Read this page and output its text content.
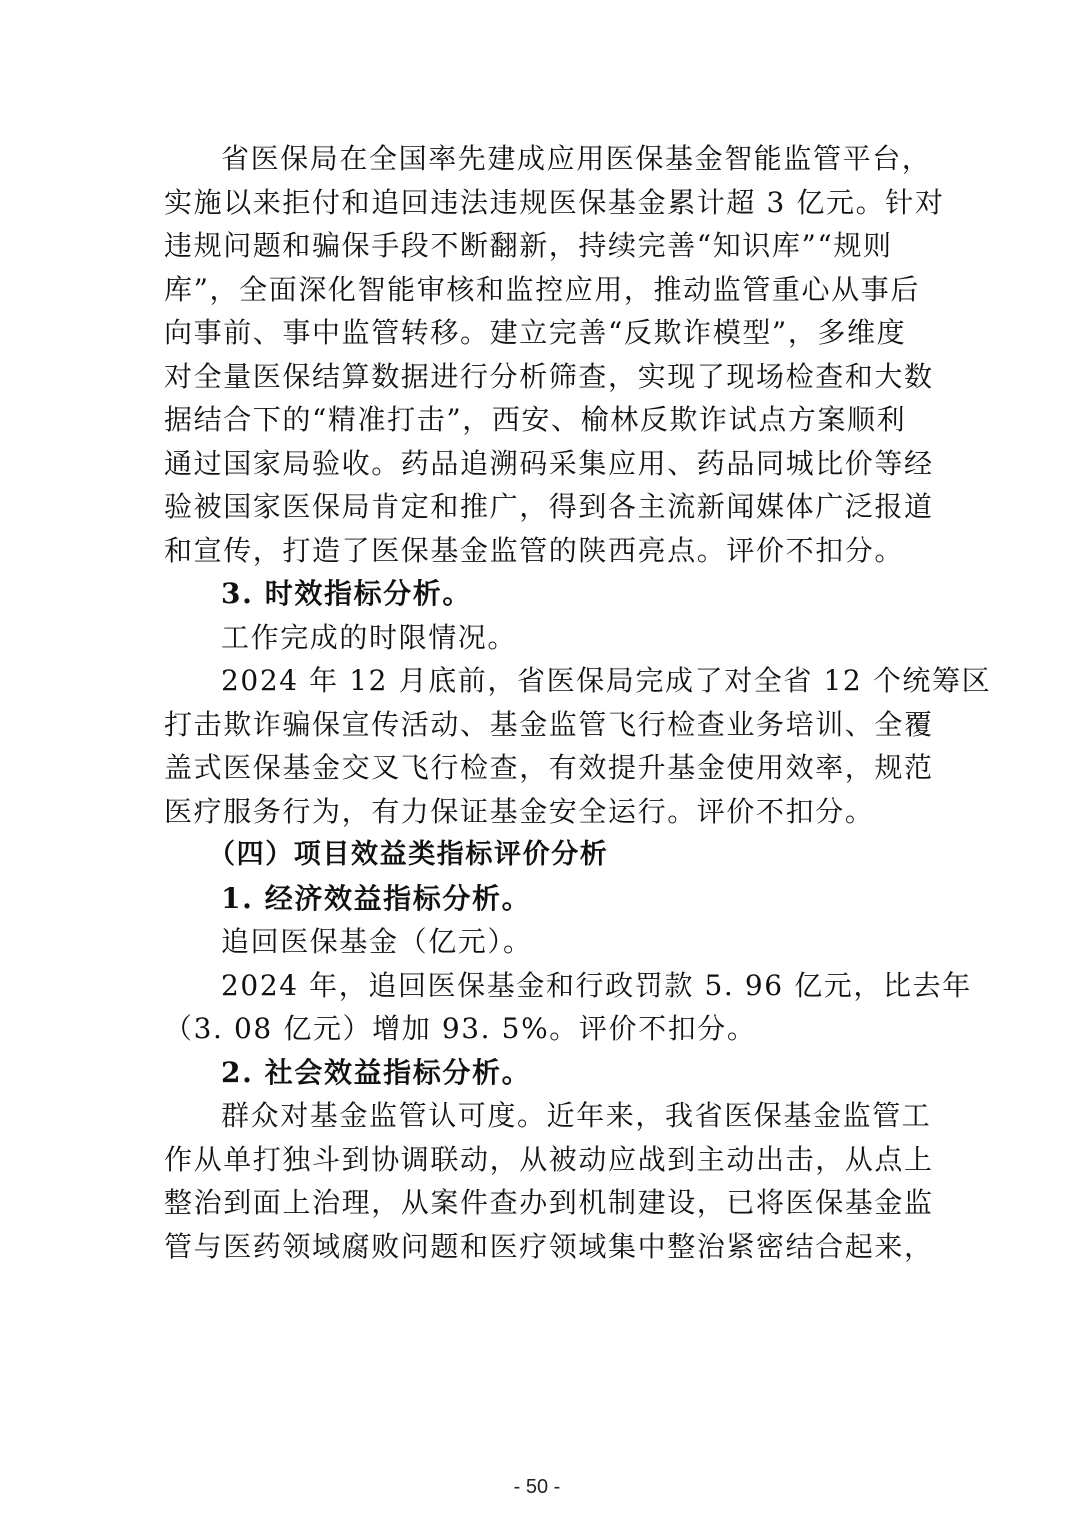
省医保局在全国率先建成应用医保基金智能监管平台，
实施以来拒付和追回违法违规医保基金累计超 3 亿元。针对
违规问题和骗保手段不断翻新，持续完善“知识库”“规则
库”，全面深化智能审核和监控应用，推动监管重心从事后
向事前、事中监管转移。建立完善“反欺诈模型”，多维度
对全量医保结算数据进行分析筛查，实现了现场检查和大数
据结合下的“精准打击”，西安、榆林反欺诈试点方案顺利
通过国家局验收。药品追溯码采集应用、药品同城比价等经
验被国家医保局肯定和推广，得到各主流新闻媒体广泛报道
和宣传，打造了医保基金监管的陕西亮点。评价不扣分。
3. 时效指标分析。
工作完成的时限情况。
2024 年 12 月底前，省医保局完成了对全省 12 个统筹区
打击欺诈骗保宣传活动、基金监管飞行检查业务培训、全覆
盖式医保基金交叉飞行检查，有效提升基金使用效率，规范
医疗服务行为，有力保证基金安全运行。评价不扣分。
（四）项目效益类指标评价分析
1. 经济效益指标分析。
追回医保基金（亿元）。
2024 年，追回医保基金和行政罚款 5. 96 亿元，比去年
（3. 08 亿元）增加 93. 5%。评价不扣分。
2. 社会效益指标分析。
群众对基金监管认可度。近年来，我省医保基金监管工
作从单打独斗到协调联动，从被动应战到主动出击，从点上
整治到面上治理，从案件查办到机制建设，已将医保基金监
管与医药领域腐败问题和医疗领域集中整治紧密结合起来，
- 50 -
